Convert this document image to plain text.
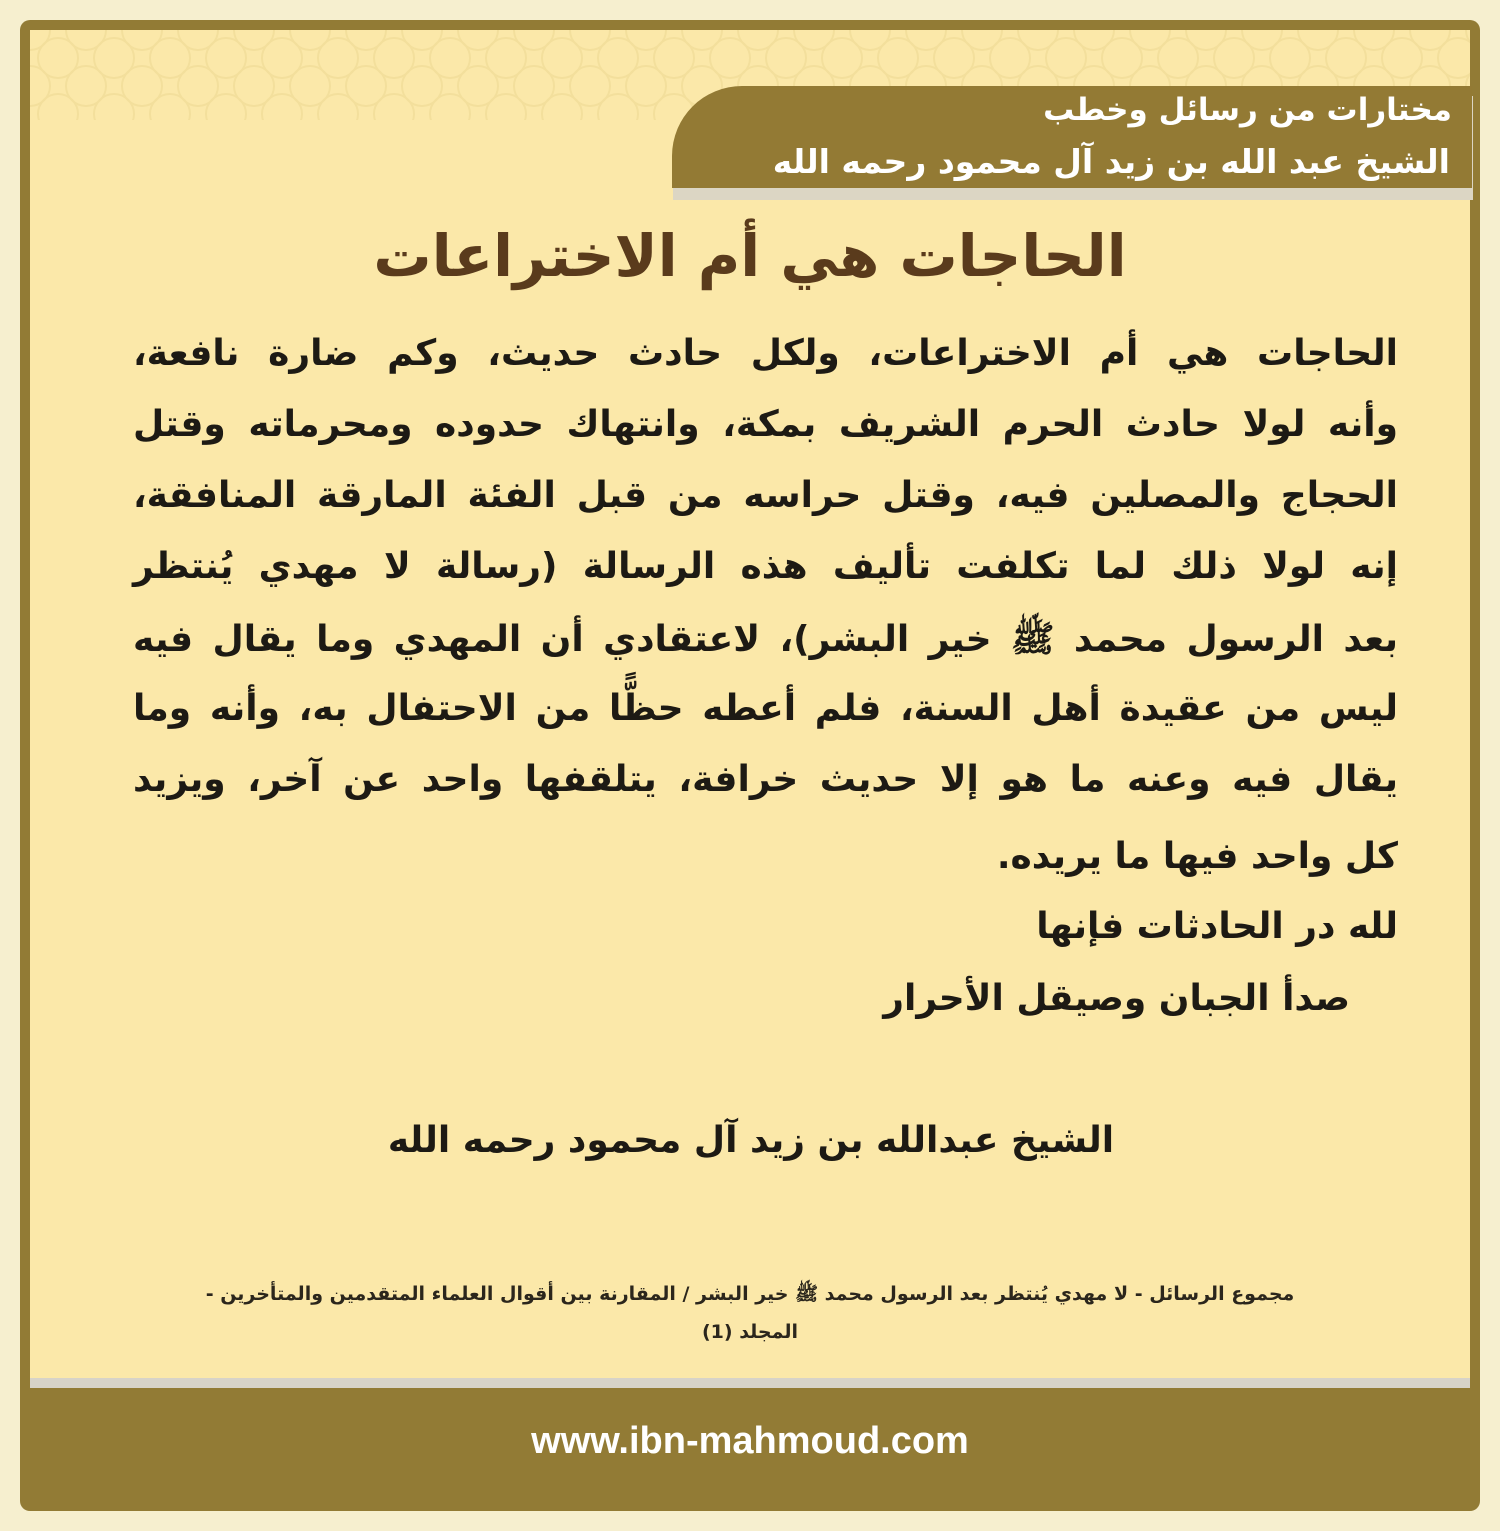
مختارات من رسائل وخطب
الشيخ عبد الله بن زيد آل محمود رحمه الله
الحاجات هي أم الاختراعات
الحاجات هي أم الاختراعات، ولكل حادث حديث، وكم ضارة نافعة،
وأنه لولا حادث الحرم الشريف بمكة، وانتهاك حدوده ومحرماته وقتل
الحجاج والمصلين فيه، وقتل حراسه من قبل الفئة المارقة المنافقة،
إنه لولا ذلك لما تكلفت تأليف هذه الرسالة (رسالة لا مهدي يُنتظر
بعد الرسول محمد ﷺ خير البشر)، لاعتقادي أن المهدي وما يقال فيه
ليس من عقيدة أهل السنة، فلم أعطه حظًّا من الاحتفال به، وأنه وما
يقال فيه وعنه ما هو إلا حديث خرافة، يتلقفها واحد عن آخر، ويزيد
كل واحد فيها ما يريده.
لله در الحادثات فإنها
صدأ الجبان وصيقل الأحرار
الشيخ عبدالله بن زيد آل محمود رحمه الله
مجموع الرسائل - لا مهدي يُنتظر بعد الرسول محمد ﷺ خير البشر / المقارنة بين أقوال العلماء المتقدمين والمتأخرين -
المجلد (1)
www.ibn-mahmoud.com
